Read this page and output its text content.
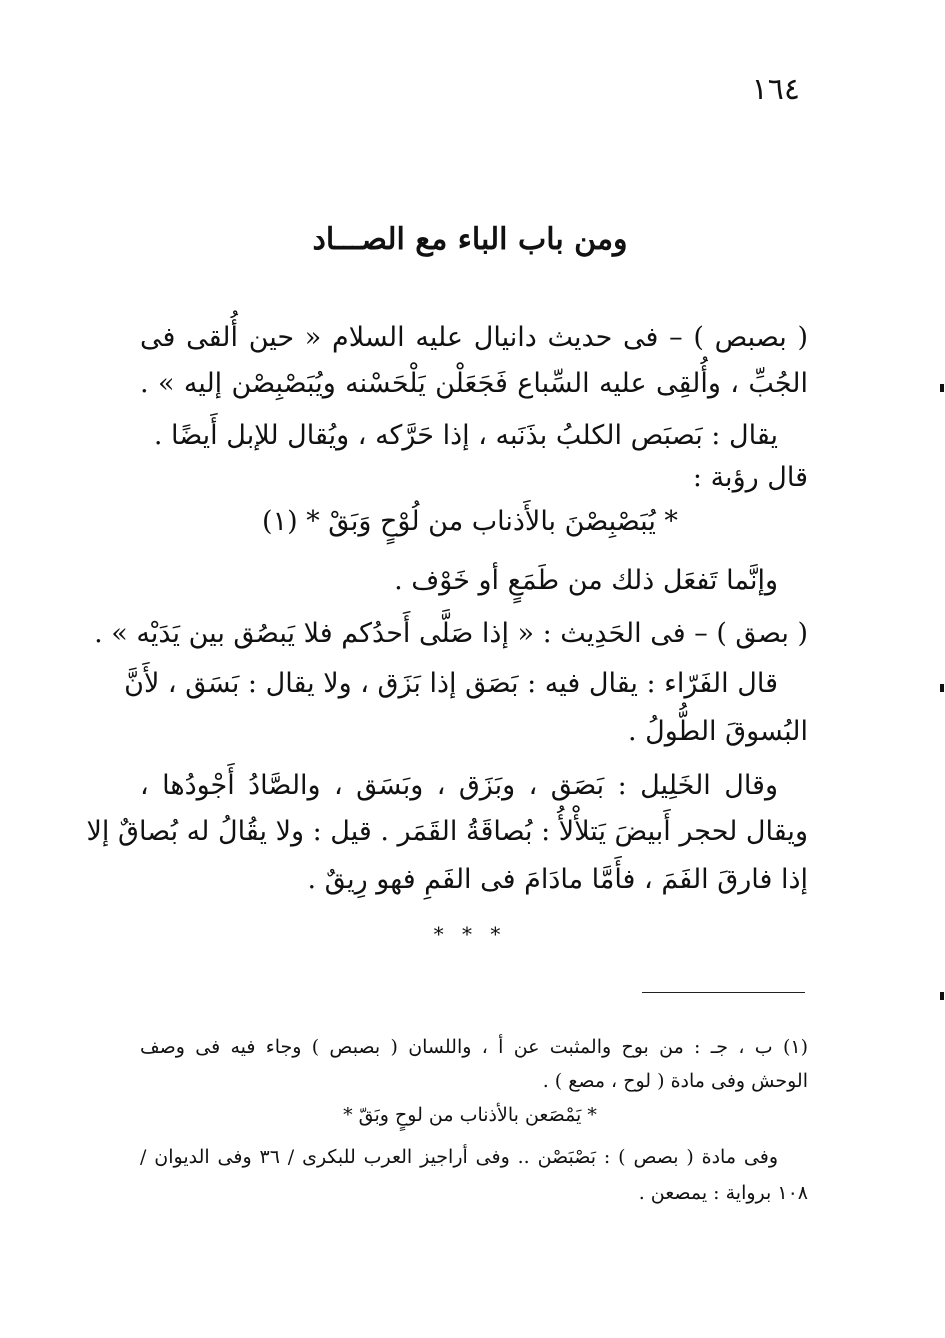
١٦٤
ومن باب الباء مع الصـــاد
( بصبص ) – فى حديث دانيال عليه السلام « حين أُلقى فى
الجُبِّ ، وأُلقِى عليه السِّباع فَجَعَلْن يَلْحَسْنه ويُبَصْبِصْن إليه » .
يقال : بَصبَص الكلبُ بذَنَبه ، إذا حَرَّكه ، ويُقال للإبل أَيضًا .
قال رؤبة :
* يُبَصْبِصْنَ بالأَذناب من لُوْحٍ وَبَقْ * (١)
وإنَّما تَفعَل ذلك من طَمَعٍ أو خَوْف .
( بصق ) – فى الحَدِيث : « إذا صَلَّى أَحدُكم فلا يَبصُق بين يَدَيْه » .
قال الفَرّاء : يقال فيه : بَصَق إذا بَزَق ، ولا يقال : بَسَق ، لأَنَّ
البُسوقَ الطُّولُ .
وقال الخَلِيل : بَصَق ، وبَزَق ، وبَسَق ، والصَّادُ أَجْودُها ،
ويقال لحجر أَبيضَ يَتلأْلأُ : بُصاقَةُ القَمَر . قيل : ولا يقُالُ له بُصاقٌ إلا
إذا فارقَ الفَمَ ، فأَمَّا مادَامَ فى الفَمِ فهو رِيقٌ .
* * *
(١) ب ، جـ : من بوح والمثبت عن أ ، واللسان ( بصبص ) وجاء فيه فى وصف
الوحش وفى مادة ( لوح ، مصع ) .
* يَمْصَعن بالأذناب من لوحٍ وبَقّ *
وفى مادة ( بصص ) : بَصْبَصْن .. وفى أراجيز العرب للبكرى / ٣٦ وفى الديوان /
١٠٨ برواية : يمصعن .
